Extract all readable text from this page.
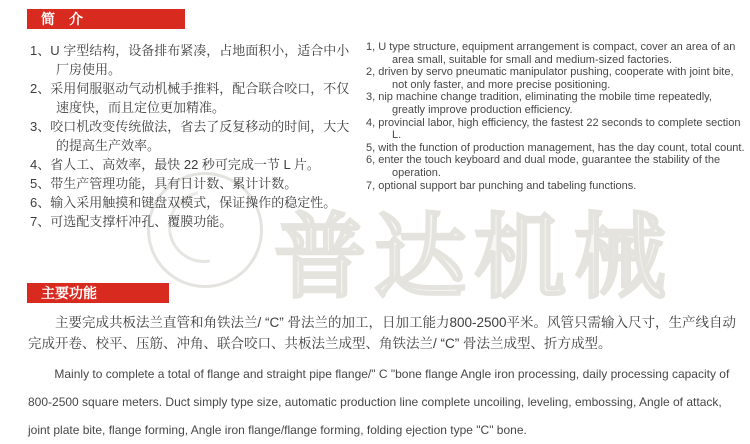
普达机械
简　介
1、U 字型结构，设备排布紧凑，占地面积小，适合中小厂房使用。
2、采用伺服驱动气动机械手推料，配合联合咬口，不仅速度快，而且定位更加精准。
3、咬口机改变传统做法，省去了反复移动的时间，大大的提高生产效率。
4、省人工、高效率，最快 22 秒可完成一节 L 片。
5、带生产管理功能，具有日计数、累计计数。
6、输入采用触摸和键盘双模式，保证操作的稳定性。
7、可选配支撑杆冲孔、覆膜功能。
1, U type structure, equipment arrangement is compact, cover an area of an area small, suitable for small and medium-sized factories.
2, driven by servo pneumatic manipulator pushing, cooperate with joint bite, not only faster, and more precise positioning.
3, nip machine change tradition, eliminating the mobile time repeatedly, greatly improve production efficiency.
4, provincial labor, high efficiency, the fastest 22 seconds to complete section L.
5, with the function of production management, has the day count, total count.
6, enter the touch keyboard and dual mode, guarantee the stability of the operation.
7, optional support bar punching and tabeling functions.
主要功能

主要完成共板法兰直管和角铁法兰/ “C” 骨法兰的加工，日加工能力800-2500平米。风管只需输入尺寸，生产线自动完成开卷、校平、压筋、冲角、联合咬口、共板法兰成型、角铁法兰/ “C” 骨法兰成型、折方成型。

Mainly to complete a total of flange and straight pipe flange/" C "bone flange Angle iron processing, daily processing capacity of 800-2500 square meters. Duct simply type size, automatic production line complete uncoiling, leveling, embossing, Angle of attack, joint plate bite, flange forming, Angle iron flange/flange forming, folding ejection type "C" bone.
